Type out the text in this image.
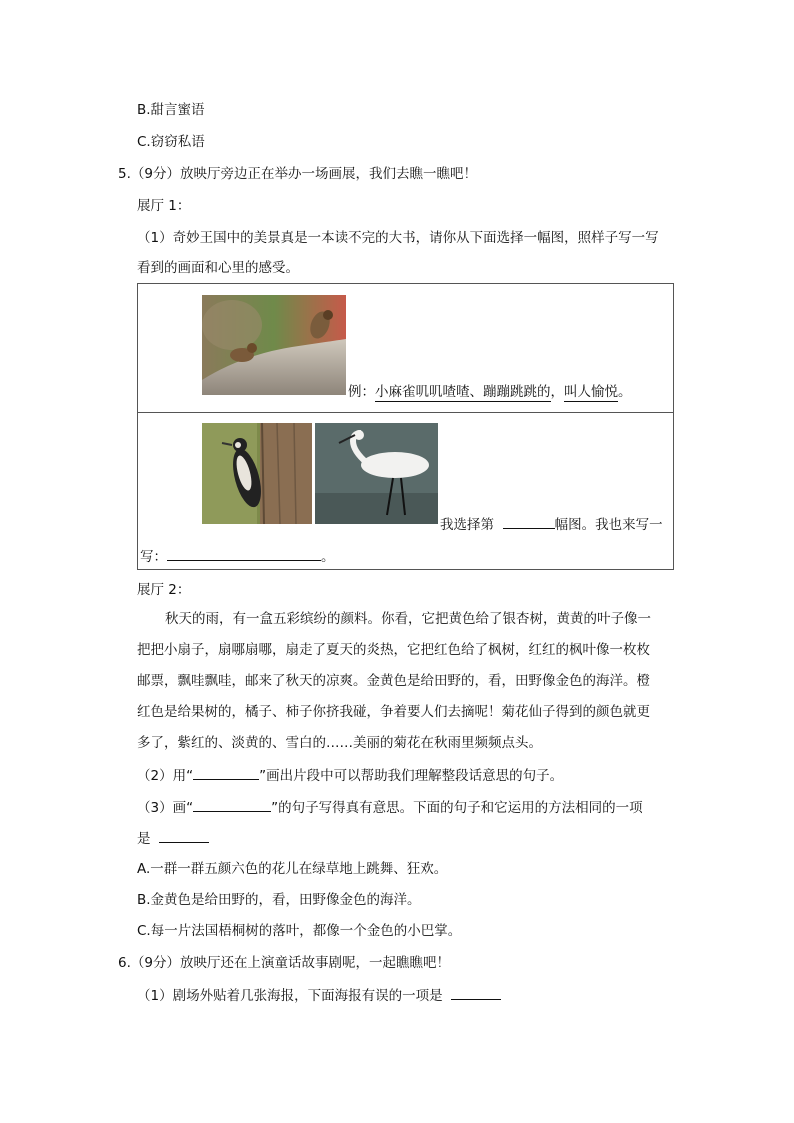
B.甜言蜜语
C.窃窃私语
5.（9分）放映厅旁边正在举办一场画展，我们去瞧一瞧吧！
展厅 1：
（1）奇妙王国中的美景真是一本读不完的大书，请你从下面选择一幅图，照样子写一写
看到的画面和心里的感受。
例：小麻雀叽叽喳喳、蹦蹦跳跳的，叫人愉悦。
我选择第	幅图。我也来写一
写：	。
展厅 2：
秋天的雨，有一盒五彩缤纷的颜料。你看，它把黄色给了银杏树，黄黄的叶子像一
把把小扇子，扇哪扇哪，扇走了夏天的炎热，它把红色给了枫树，红红的枫叶像一枚枚
邮票，飘哇飘哇，邮来了秋天的凉爽。金黄色是给田野的，看，田野像金色的海洋。橙
红色是给果树的，橘子、柿子你挤我碰，争着要人们去摘呢！菊花仙子得到的颜色就更
多了，紫红的、淡黄的、雪白的……美丽的菊花在秋雨里频频点头。
（2）用“	”画出片段中可以帮助我们理解整段话意思的句子。
（3）画“	”的句子写得真有意思。下面的句子和它运用的方法相同的一项
是
A.一群一群五颜六色的花儿在绿草地上跳舞、狂欢。
B.金黄色是给田野的，看，田野像金色的海洋。
C.每一片法国梧桐树的落叶，都像一个金色的小巴掌。
6.（9分）放映厅还在上演童话故事剧呢，一起瞧瞧吧！
（1）剧场外贴着几张海报，下面海报有误的一项是
